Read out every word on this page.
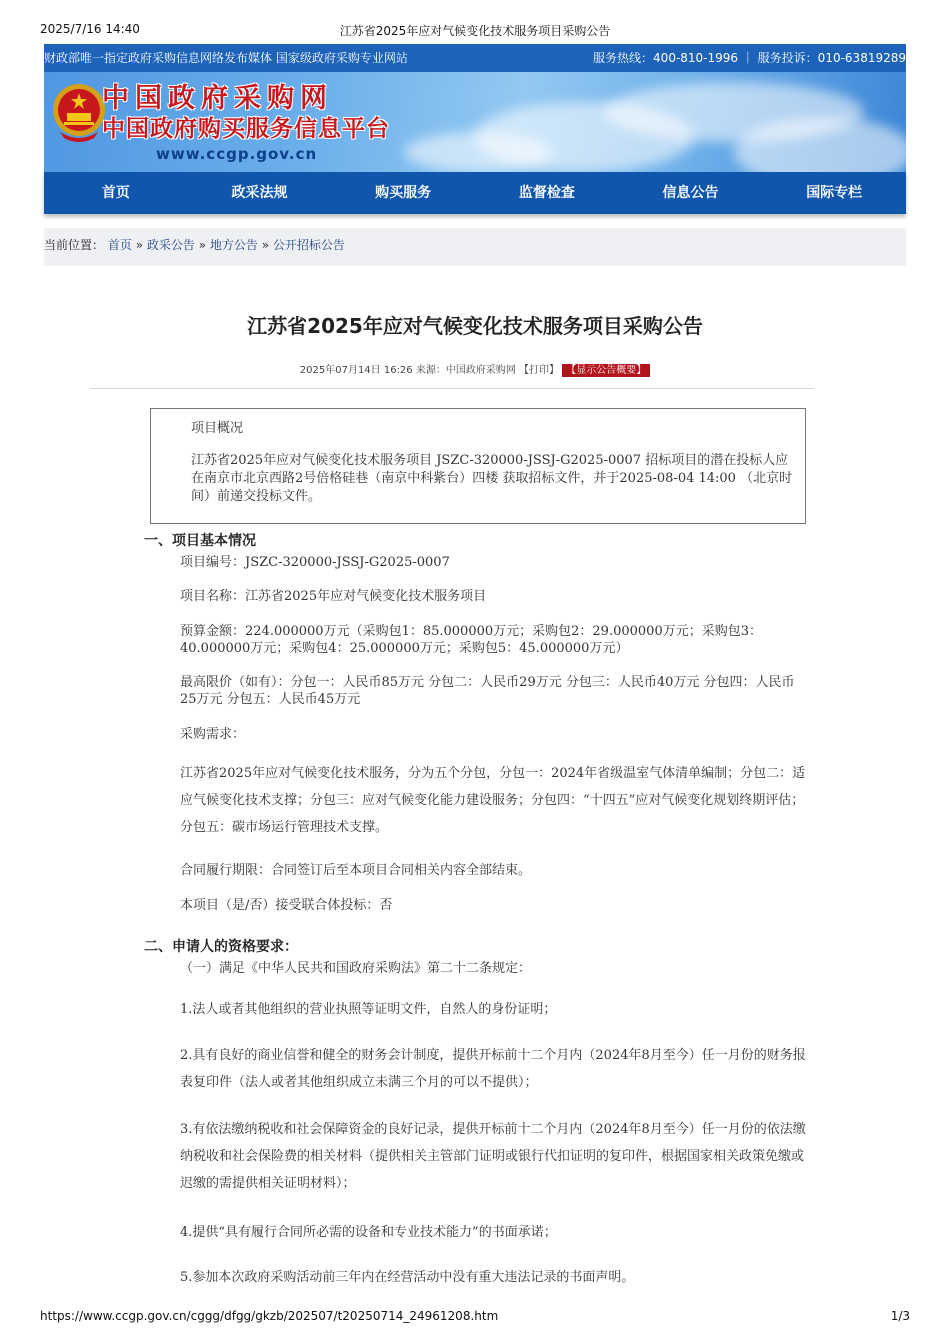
2025/7/16 14:40	江苏省2025年应对气候变化技术服务项目采购公告
财政部唯一指定政府采购信息网络发布媒体 国家级政府采购专业网站	服务热线：400-810-1996 ｜ 服务投诉：010-63819289
中国政府采购网
中国政府购买服务信息平台
www.ccgp.gov.cn
首页	政采法规	购买服务	监督检查	信息公告	国际专栏
当前位置： 首页 » 政采公告 » 地方公告 » 公开招标公告
江苏省2025年应对气候变化技术服务项目采购公告
2025年07月14日 16:26 来源：中国政府采购网 【打印】 【显示公告概要】
项目概况
江苏省2025年应对气候变化技术服务项目 JSZC-320000-JSSJ-G2025-0007 招标项目的潜在投标人应在南京市北京西路2号倍格硅巷（南京中科紫台）四楼 获取招标文件，并于2025-08-04 14:00 （北京时间）前递交投标文件。
一、项目基本情况
项目编号：JSZC-320000-JSSJ-G2025-0007
项目名称：江苏省2025年应对气候变化技术服务项目
预算金额：224.000000万元（采购包1：85.000000万元；采购包2：29.000000万元；采购包3：40.000000万元；采购包4：25.000000万元；采购包5：45.000000万元）
最高限价（如有）：分包一：人民币85万元 分包二：人民币29万元 分包三：人民币40万元 分包四：人民币25万元 分包五：人民币45万元
采购需求：
江苏省2025年应对气候变化技术服务，分为五个分包，分包一：2024年省级温室气体清单编制；分包二：适应气候变化技术支撑；分包三：应对气候变化能力建设服务；分包四：“十四五”应对气候变化规划终期评估；分包五：碳市场运行管理技术支撑。
合同履行期限：合同签订后至本项目合同相关内容全部结束。
本项目（是/否）接受联合体投标：否
二、申请人的资格要求：
（一）满足《中华人民共和国政府采购法》第二十二条规定：
1.法人或者其他组织的营业执照等证明文件，自然人的身份证明；
2.具有良好的商业信誉和健全的财务会计制度，提供开标前十二个月内（2024年8月至今）任一月份的财务报表复印件（法人或者其他组织成立未满三个月的可以不提供）；
3.有依法缴纳税收和社会保障资金的良好记录，提供开标前十二个月内（2024年8月至今）任一月份的依法缴纳税收和社会保险费的相关材料（提供相关主管部门证明或银行代扣证明的复印件，根据国家相关政策免缴或迟缴的需提供相关证明材料）；
4.提供“具有履行合同所必需的设备和专业技术能力”的书面承诺；
5.参加本次政府采购活动前三年内在经营活动中没有重大违法记录的书面声明。
https://www.ccgp.gov.cn/cggg/dfgg/gkzb/202507/t20250714_24961208.htm	1/3
